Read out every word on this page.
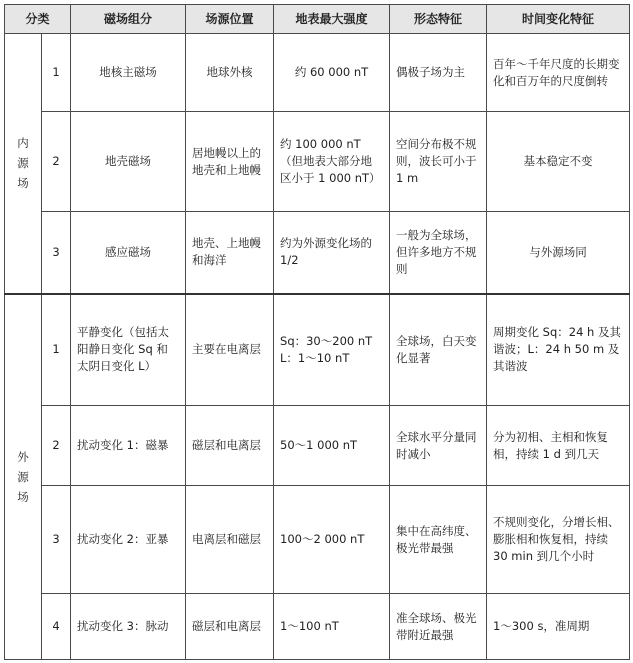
分类		磁场组分	场源位置	地表最大强度	形态特征	时间变化特征
内源场	1	地核主磁场	地球外核	约 60 000 nT	偶极子场为主	百年～千年尺度的长期变化和百万年的尺度倒转
	2	地壳磁场	居地幔以上的地壳和上地幔	约 100 000 nT（但地表大部分地区小于 1 000 nT）	空间分布极不规则，波长可小于 1 m	基本稳定不变
	3	感应磁场	地壳、上地幔和海洋	约为外源变化场的 1/2	一般为全球场，但许多地方不规则	与外源场同
外源场	1	平静变化（包括太阳静日变化 Sq 和太阴日变化 L）	主要在电离层	Sq：30～200 nT L：1～10 nT	全球场，白天变化显著	周期变化 Sq：24 h 及其谐波；L：24 h 50 m 及其谐波
	2	扰动变化 1：磁暴	磁层和电离层	50～1 000 nT	全球水平分量同时减小	分为初相、主相和恢复相，持续 1 d 到几天
	3	扰动变化 2：亚暴	电离层和磁层	100～2 000 nT	集中在高纬度、极光带最强	不规则变化，分增长相、膨胀相和恢复相，持续 30 min 到几个小时
	4	扰动变化 3：脉动	磁层和电离层	1～100 nT	准全球场、极光带附近最强	1～300 s，准周期
